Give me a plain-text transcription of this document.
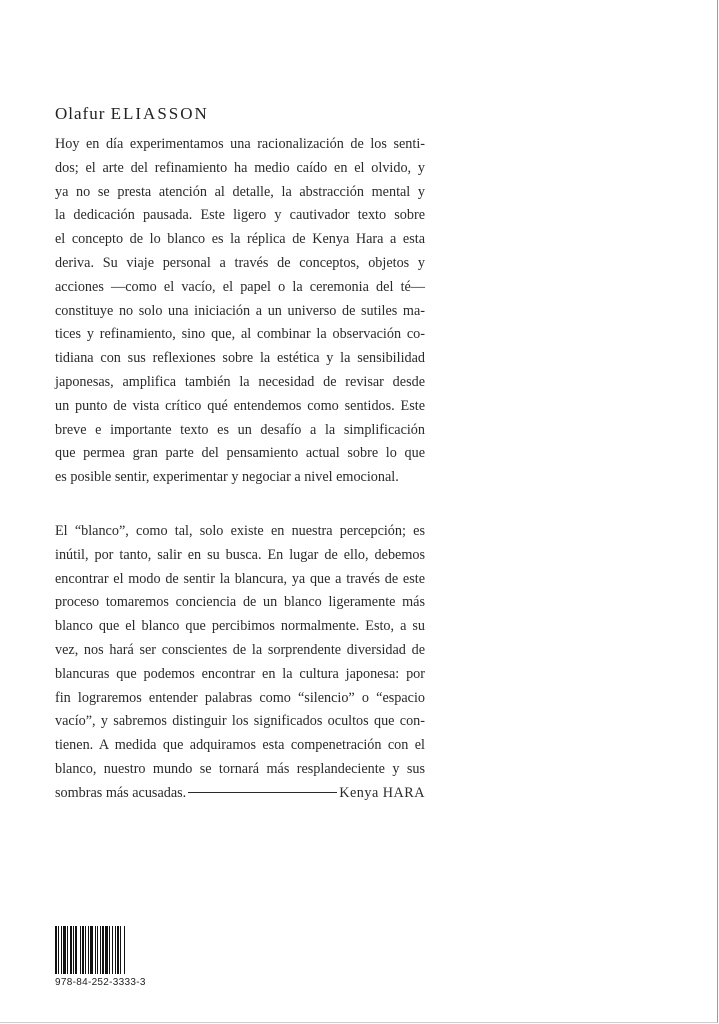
Olafur ELIASSON
Hoy en día experimentamos una racionalización de los senti-
dos; el arte del refinamiento ha medio caído en el olvido, y
ya no se presta atención al detalle, la abstracción mental y
la dedicación pausada. Este ligero y cautivador texto sobre
el concepto de lo blanco es la réplica de Kenya Hara a esta
deriva. Su viaje personal a través de conceptos, objetos y
acciones ––como el vacío, el papel o la ceremonia del té––
constituye no solo una iniciación a un universo de sutiles ma-
tices y refinamiento, sino que, al combinar la observación co-
tidiana con sus reflexiones sobre la estética y la sensibilidad
japonesas, amplifica también la necesidad de revisar desde
un punto de vista crítico qué entendemos como sentidos. Este
breve e importante texto es un desafío a la simplificación
que permea gran parte del pensamiento actual sobre lo que
es posible sentir, experimentar y negociar a nivel emocional.
El “blanco”, como tal, solo existe en nuestra percepción; es
inútil, por tanto, salir en su busca. En lugar de ello, debemos
encontrar el modo de sentir la blancura, ya que a través de este
proceso tomaremos conciencia de un blanco ligeramente más
blanco que el blanco que percibimos normalmente. Esto, a su
vez, nos hará ser conscientes de la sorprendente diversidad de
blancuras que podemos encontrar en la cultura japonesa: por
fin lograremos entender palabras como “silencio” o “espacio
vacío”, y sabremos distinguir los significados ocultos que con-
tienen. A medida que adquiramos esta compenetración con el
blanco, nuestro mundo se tornará más resplandeciente y sus
sombras más acusadas.	Kenya HARA
978-84-252-3333-3
